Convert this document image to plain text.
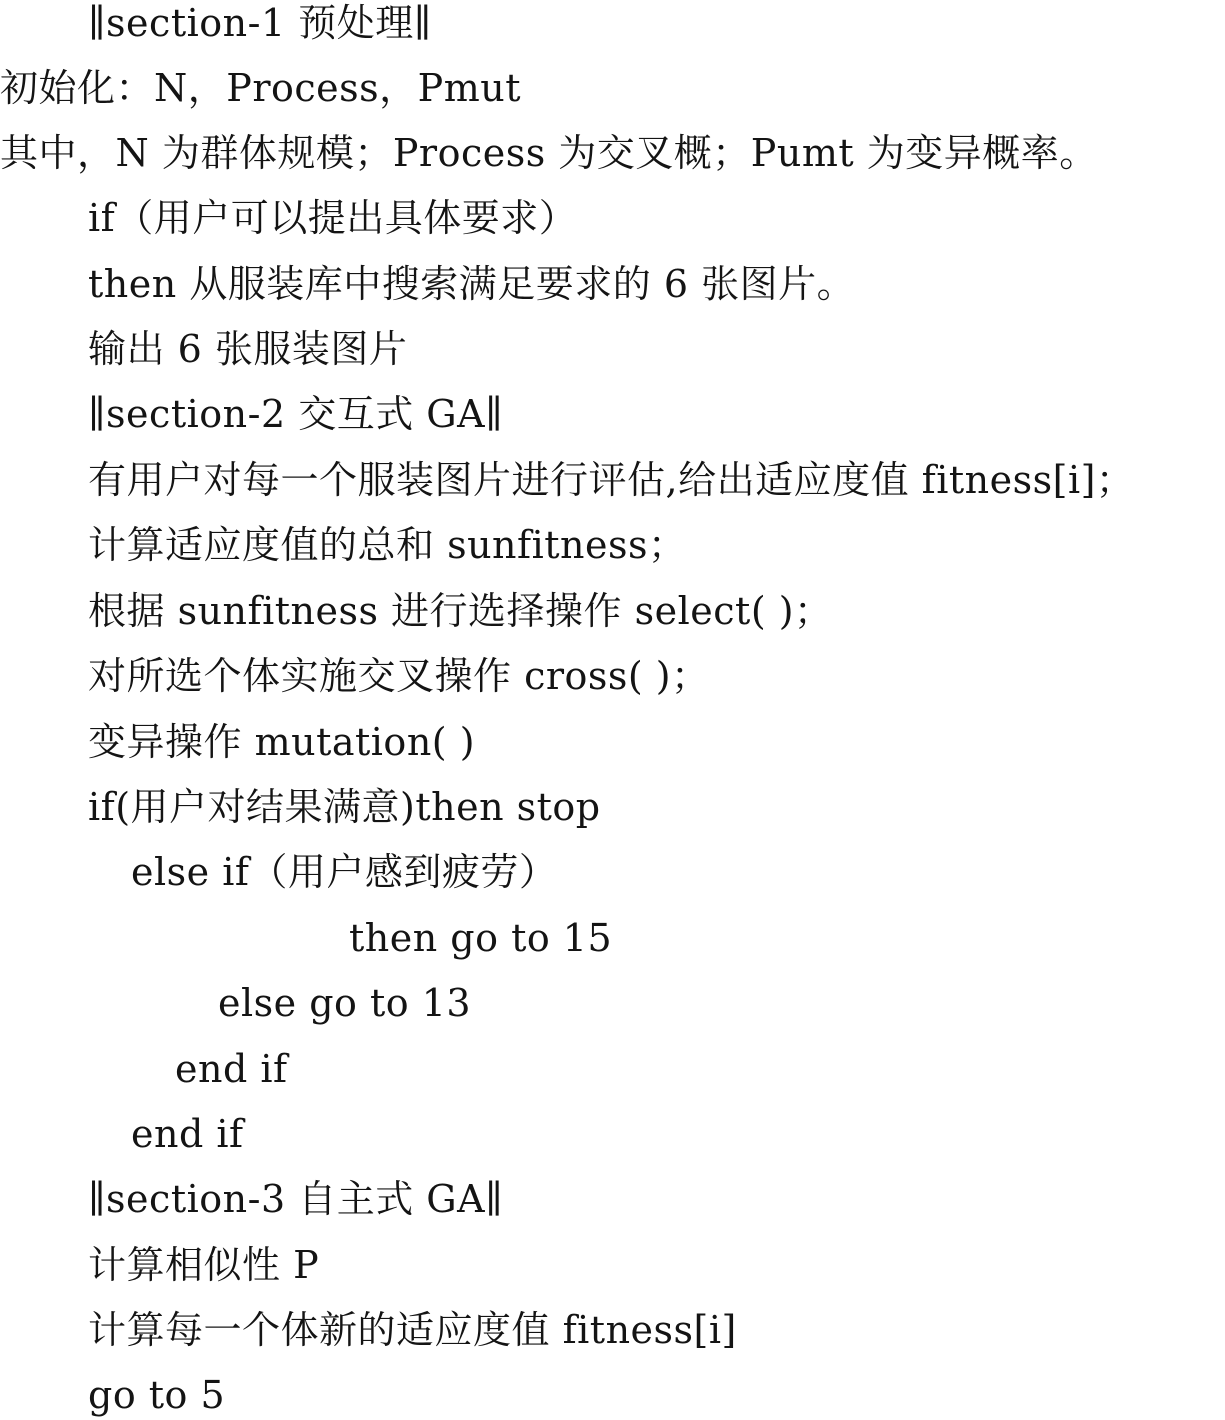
∥section-1 预处理∥
初始化：N，Process，Pmut
其中，N 为群体规模；Process 为交叉概；Pumt 为变异概率。
if（用户可以提出具体要求）
then 从服装库中搜索满足要求的 6 张图片。
输出 6 张服装图片
∥section-2 交互式 GA∥
有用户对每一个服装图片进行评估,给出适应度值 fitness[i]；
计算适应度值的总和 sunfitness；
根据 sunfitness 进行选择操作 select( )；
对所选个体实施交叉操作 cross( )；
变异操作 mutation( )
if(用户对结果满意)then stop
else if（用户感到疲劳）
then go to 15
else go to 13
end if
end if
∥section-3 自主式 GA∥
计算相似性 P
计算每一个体新的适应度值 fitness[i]
go to 5
